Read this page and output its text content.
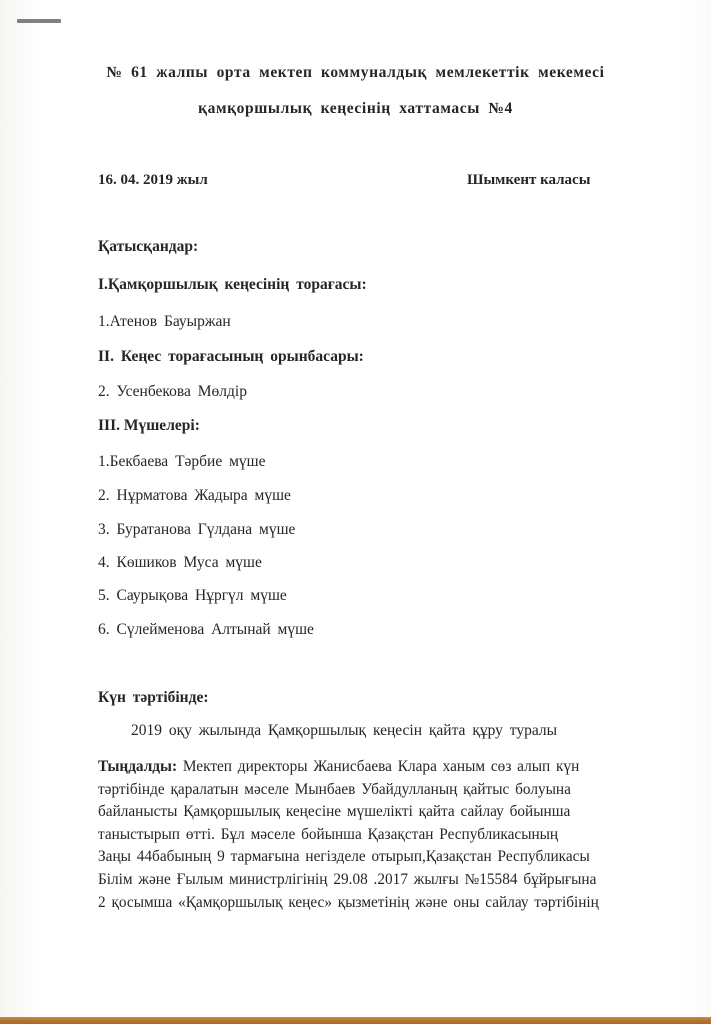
№ 61 жалпы орта мектеп коммуналдық мемлекеттік мекемесі
қамқоршылық кеңесінің хаттамасы №4
16. 04. 2019 жыл	Шымкент каласы
Қатысқандар:
І.Қамқоршылық кеңесінің торағасы:
1.Атенов Бауыржан
ІІ. Кеңес торағасының орынбасары:
2. Усенбекова Мөлдір
ІІІ. Мүшелері:
1.Бекбаева Тәрбие мүше
2. Нұрматова Жадыра мүше
3. Буратанова Гүлдана мүше
4. Көшиков Муса мүше
5. Саурықова Нұргүл мүше
6. Сүлейменова Алтынай мүше
Күн тәртібінде:
2019 оқу жылында Қамқоршылық кеңесін қайта құру туралы
Тыңдалды: Мектеп директоры Жанисбаева Клара ханым сөз алып күн
тәртібінде қаралатын мәселе Мынбаев Убайдулланың қайтыс болуына
байланысты Қамқоршылық кеңесіне мүшелікті қайта сайлау бойынша
таныстырып өтті. Бұл мәселе бойынша Қазақстан Республикасының
Заңы 44бабының 9 тармағына негізделе отырып,Қазақстан Республикасы
Білім және Ғылым министрлігінің 29.08 .2017 жылғы №15584 бұйрығына
2 қосымша «Қамқоршылық кеңес» қызметінің және оны сайлау тәртібінің
